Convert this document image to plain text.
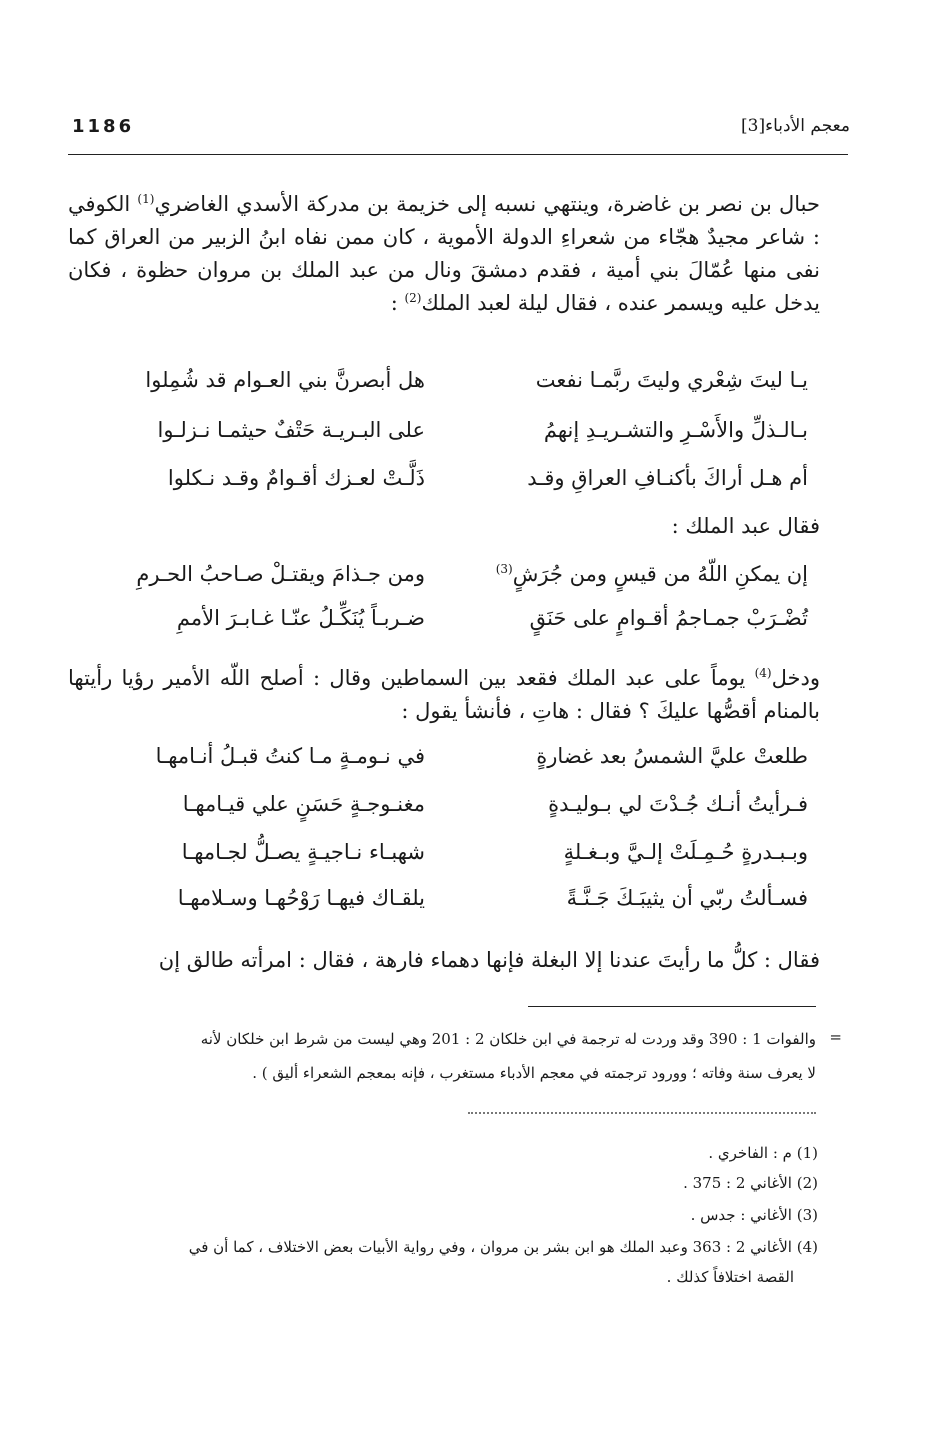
1186	معجم الأدباء[3]

حبال بن نصر بن غاضرة، وينتهي نسبه إلى خزيمة بن مدركة الأسدي الغاضري$^{(1)}$ الكوفي : شاعر مجيدٌ هجّاء من شعراءِ الدولة الأموية ، كان ممن نفاه ابنُ الزبير من العراق كما نفى منها عُمّالَ بني أمية ، فقدم دمشقَ ونال من عبد الملك بن مروان حظوة ، فكان يدخل عليه ويسمر عنده ، فقال ليلة لعبد الملك$^{(2)}$ :

يـا ليتَ شِعْري وليتَ ربَّمـا نفعت
هل أبصرنَّ بني العـوام قد شُمِلوا
بـالـذلِّ والأَسْـرِ والتشـريـدِ إنهمُ
على البـريـة حَتْفٌ حيثمـا نـزلـوا
أم هـل أراكَ بأكنـافِ العراقِ وقـد
ذَلَّـتْ لعـزك أقـوامٌ وقـد نـكلوا
فقال عبد الملك :
إن يمكنِ اللّهُ من قيسٍ ومن جُرَشٍ$^{(3)}$
ومن جـذامَ ويقتـلْ صـاحبُ الحـرمِ
تُضْـرَبْ جمـاجمُ أقـوامٍ على حَنَقٍ
ضـربـاً يُنَكِّـلُ عنّـا غـابـرَ الأممِ

ودخل$^{(4)}$ يوماً على عبد الملك فقعد بين السماطين وقال : أصلح اللّه الأمير رؤيا رأيتها بالمنام أقصُّها عليكَ ؟ فقال : هاتِ ، فأنشأ يقول :

طلعتْ عليَّ الشمسُ بعد غضارةٍ
في نـومـةٍ مـا كنتُ قبـلُ أنـامهـا
فـرأيتُ أنـك جُـدْتَ لي بـوليـدةٍ
مغنـوجـةٍ حَسَنٍ علي قيـامهـا
وبـبـدرةٍ حُـمِـلَتْ إلـيَّ وبـغـلةٍ
شهبـاء نـاجيـةٍ يصـلُّ لجـامهـا
فسـألتُ ربّي أن يثيبَـكَ جَـنَّـةً
يلقـاك فيهـا رَوْحُهـا وسـلامهـا

فقال : كلُّ ما رأيتَ عندنا إلا البغلة فإنها دهماء فارهة ، فقال : امرأته طالق إن

=
والفوات 1 : 390 وقد وردت له ترجمة في ابن خلكان 2 : 201 وهي ليست من شرط ابن خلكان لأنه
لا يعرف سنة وفاته ؛ وورود ترجمته في معجم الأدباء مستغرب ، فإنه بمعجم الشعراء أليق ) .
(1) م : الفاخري .
(2) الأغاني 2 : 375 .
(3) الأغاني : جدس .
(4) الأغاني 2 : 363 وعبد الملك هو ابن بشر بن مروان ، وفي رواية الأبيات بعض الاختلاف ، كما أن في
القصة اختلافاً كذلك .
